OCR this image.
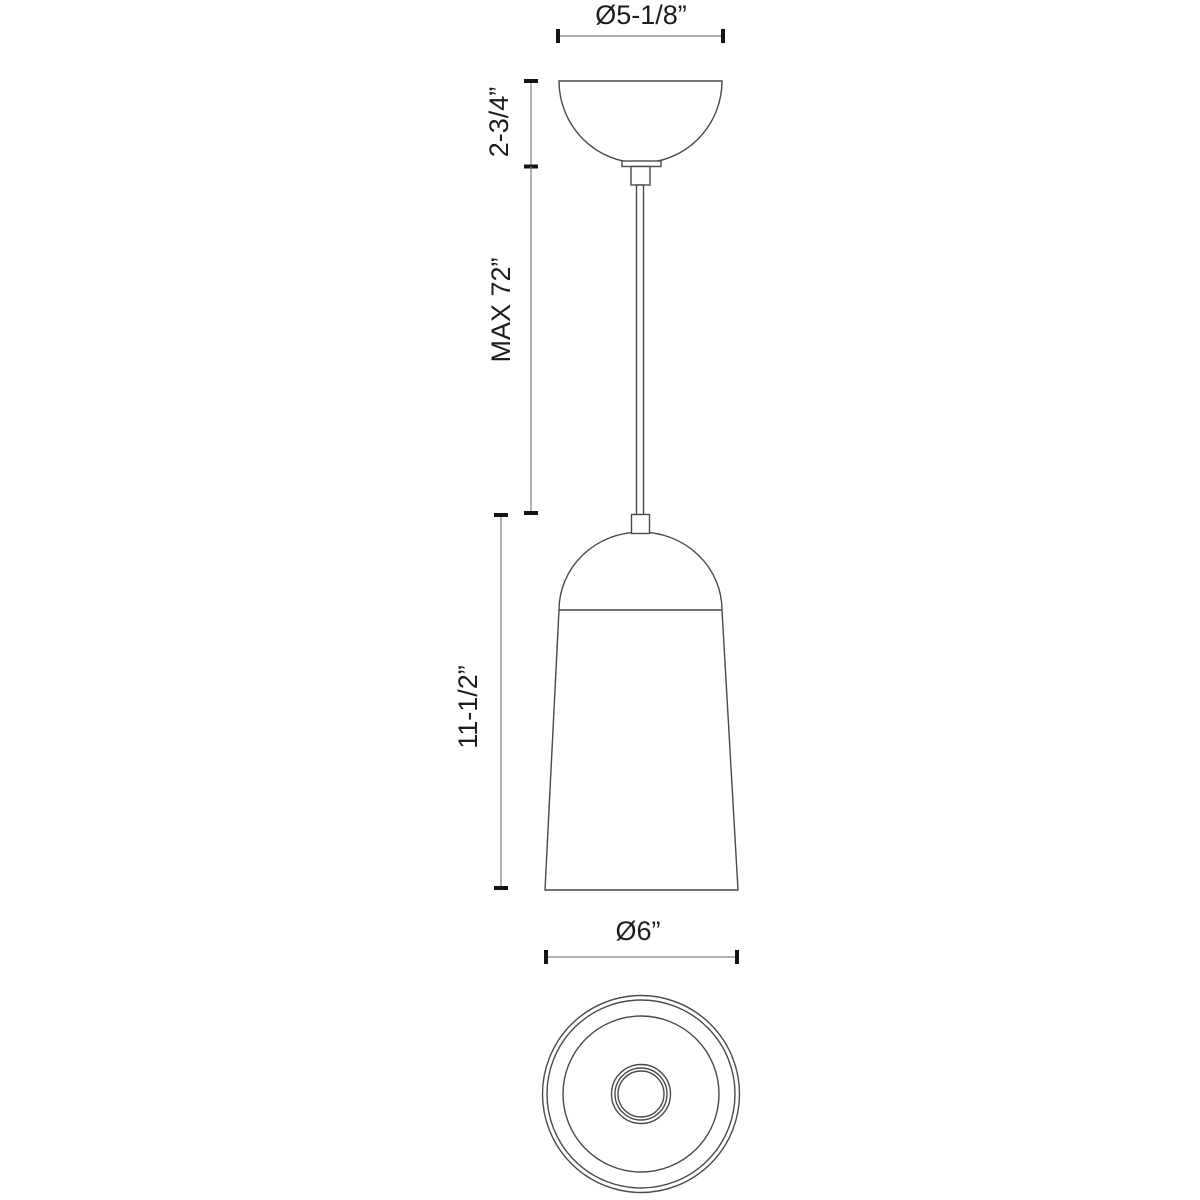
Ø5-1/8”
2-3/4”
MAX 72”
11-1/2”
Ø6”
